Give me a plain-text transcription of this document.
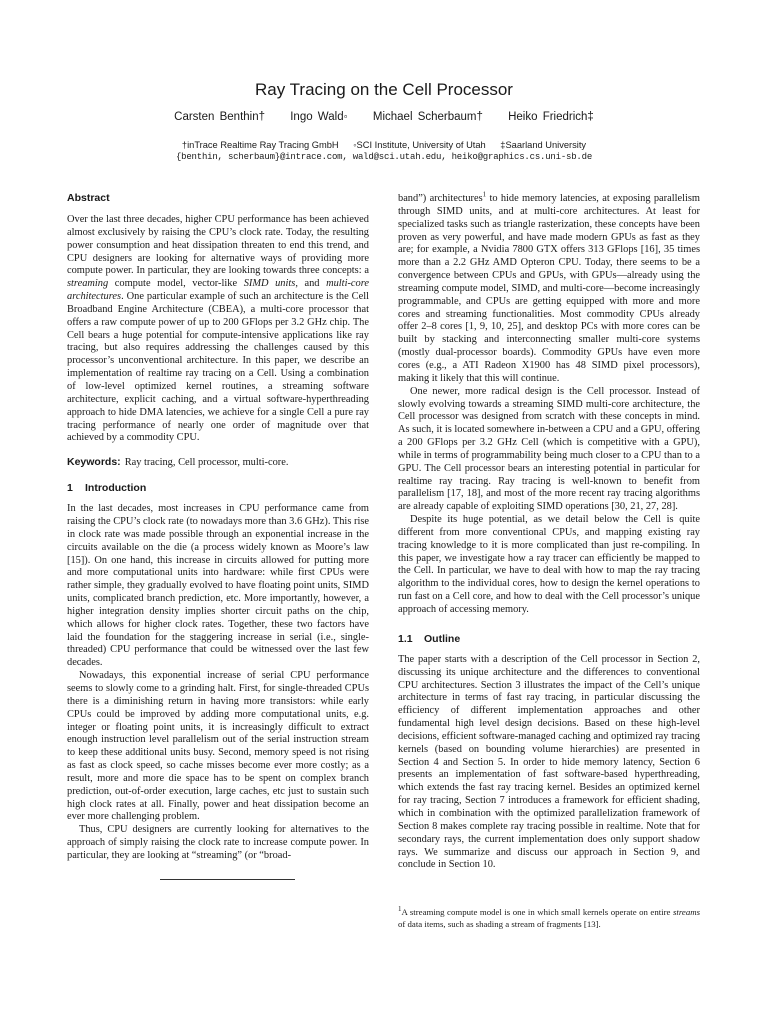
Ray Tracing on the Cell Processor
Carsten Benthin† Ingo Wald◦ Michael Scherbaum† Heiko Friedrich‡
†inTrace Realtime Ray Tracing GmbH ◦SCI Institute, University of Utah ‡Saarland University
{benthin, scherbaum}@intrace.com, wald@sci.utah.edu, heiko@graphics.cs.uni-sb.de
Abstract

Over the last three decades, higher CPU performance has been achieved almost exclusively by raising the CPU’s clock rate. Today, the resulting power consumption and heat dissipation threaten to end this trend, and CPU designers are looking for alternative ways of providing more compute power. In particular, they are looking towards three concepts: a streaming compute model, vector-like SIMD units, and multi-core architectures. One particular example of such an architecture is the Cell Broadband Engine Architecture (CBEA), a multi-core processor that offers a raw compute power of up to 200 GFlops per 3.2 GHz chip. The Cell bears a huge potential for compute-intensive applications like ray tracing, but also requires addressing the challenges caused by this processor’s unconventional architecture. In this paper, we describe an implementation of realtime ray tracing on a Cell. Using a combination of low-level optimized kernel routines, a streaming software architecture, explicit caching, and a virtual software-hyperthreading approach to hide DMA latencies, we achieve for a single Cell a pure ray tracing performance of nearly one order of magnitude over that achieved by a commodity CPU.

Keywords: Ray tracing, Cell processor, multi-core.
1 Introduction

In the last decades, most increases in CPU performance came from raising the CPU’s clock rate (to nowadays more than 3.6 GHz). This rise in clock rate was made possible through an exponential increase in the circuits available on the die (a process widely known as Moore’s law [15]). On one hand, this increase in circuits allowed for putting more and more computational units into hardware: while first CPUs were rather simple, they gradually evolved to have floating point units, SIMD units, complicated branch prediction, etc. More importantly, however, a higher integration density implies shorter circuit paths on the chip, which allows for higher clock rates. Together, these two factors have laid the foundation for the staggering increase in serial (i.e., single-threaded) CPU performance that could be witnessed over the last few decades.

Nowadays, this exponential increase of serial CPU performance seems to slowly come to a grinding halt. First, for single-threaded CPUs there is a diminishing return in having more transistors: while early CPUs could be improved by adding more computational units, e.g. integer or floating point units, it is increasingly difficult to extract enough instruction level parallelism out of the serial instruction stream to keep these additional units busy. Second, memory speed is not rising as fast as clock speed, so cache misses become ever more costly; as a result, more and more die space has to be spent on complex branch prediction, out-of-order execution, large caches, etc just to sustain such high clock rates at all. Finally, power and heat dissipation become an ever more challenging problem.

Thus, CPU designers are currently looking for alternatives to the approach of simply raising the clock rate to increase compute power. In particular, they are looking at “streaming” (or “broad-

band”) architectures$^1$ to hide memory latencies, at exposing parallelism through SIMD units, and at multi-core architectures. At least for specialized tasks such as triangle rasterization, these concepts have been proven as very powerful, and have made modern GPUs as fast as they are; for example, a Nvidia 7800 GTX offers 313 GFlops [16], 35 times more than a 2.2 GHz AMD Opteron CPU. Today, there seems to be a convergence between CPUs and GPUs, with GPUs—already using the streaming compute model, SIMD, and multi-core—become increasingly programmable, and CPUs are getting equipped with more and more cores and streaming functionalities. Most commodity CPUs already offer 2–8 cores [1, 9, 10, 25], and desktop PCs with more cores can be built by stacking and interconnecting smaller multi-core systems (mostly dual-processor boards). Commodity GPUs have even more cores (e.g., a ATI Radeon X1900 has 48 SIMD pixel processors), making it likely that this will continue.

One newer, more radical design is the Cell processor. Instead of slowly evolving towards a streaming SIMD multi-core architecture, the Cell processor was designed from scratch with these concepts in mind. As such, it is located somewhere in-between a CPU and a GPU, offering a 200 GFlops per 3.2 GHz Cell (which is competitive with a GPU), while in terms of programmability being much closer to a CPU than to a GPU. The Cell processor bears an interesting potential in particular for realtime ray tracing. Ray tracing is well-known to benefit from parallelism [17, 18], and most of the more recent ray tracing algorithms are already capable of exploiting SIMD operations [30, 21, 27, 28].

Despite its huge potential, as we detail below the Cell is quite different from more conventional CPUs, and mapping existing ray tracing knowledge to it is more complicated than just re-compiling. In this paper, we investigate how a ray tracer can efficiently be mapped to the Cell. In particular, we have to deal with how to map the ray tracing algorithm to the individual cores, how to design the kernel operations to run fast on a Cell core, and how to deal with the Cell processor’s unique approach of accessing memory.

1.1 Outline

The paper starts with a description of the Cell processor in Section 2, discussing its unique architecture and the differences to conventional CPU architectures. Section 3 illustrates the impact of the Cell’s unique architecture in terms of fast ray tracing, in particular discussing the efficiency of different implementation approaches and other fundamental high level design decisions. Based on these high-level decisions, efficient software-managed caching and optimized ray tracing kernels (based on bounding volume hierarchies) are presented in Section 4 and Section 5. In order to hide memory latency, Section 6 presents an implementation of fast software-based hyperthreading, which extends the fast ray tracing kernel. Besides an optimized kernel for ray tracing, Section 7 introduces a framework for efficient shading, which in combination with the optimized parallelization framework of Section 8 makes complete ray tracing possible in realtime. Note that for secondary rays, the current implementation does only support shadow rays. We summarize and discuss our approach in Section 9, and conclude in Section 10.

$^1$A streaming compute model is one in which small kernels operate on entire streams of data items, such as shading a stream of fragments [13].
